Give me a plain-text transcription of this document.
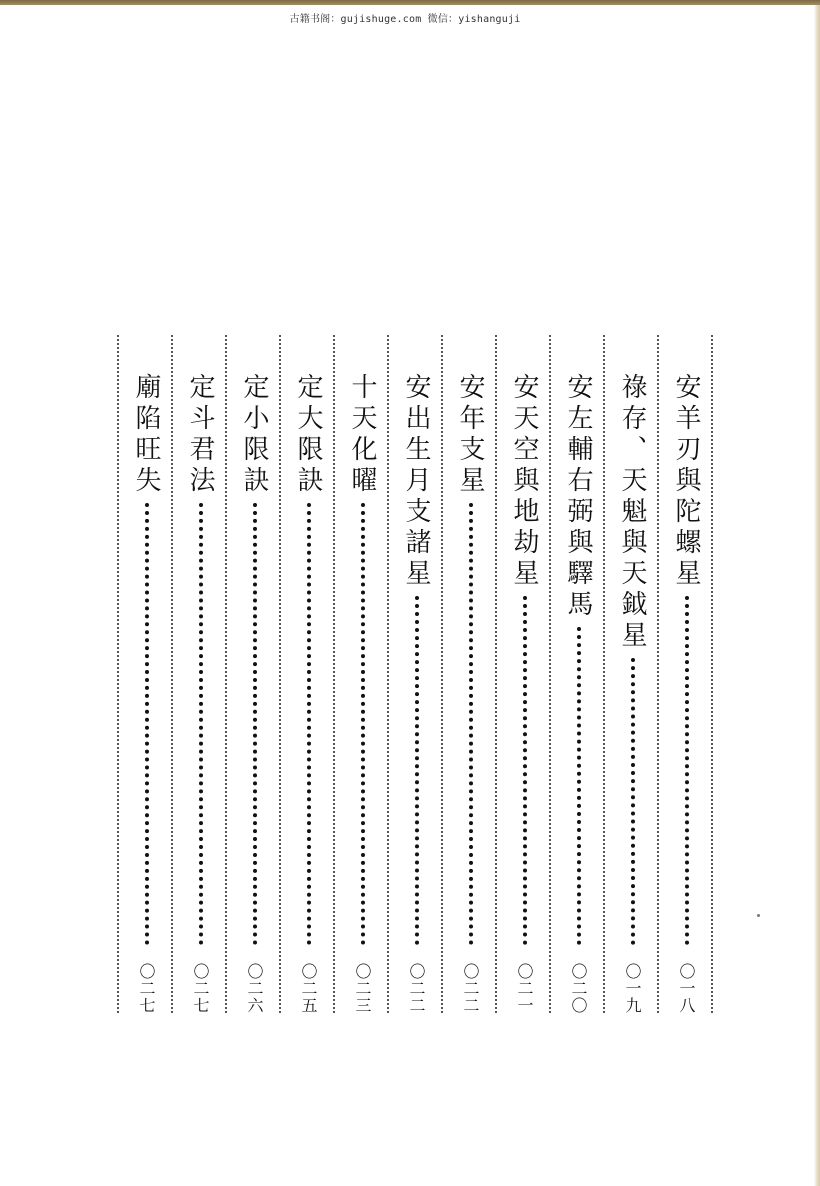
古籍书阁：gujishuge.com 微信：yishanguji
安羊刃與陀螺星
〇一八
祿存、天魁與天鉞星
〇一九
安左輔右弼與驛馬
〇二〇
安天空與地劫星
〇二一
安年支星
〇二二
安出生月支諸星
〇二二
十天化曜
〇二三
定大限訣
〇二五
定小限訣
〇二六
定斗君法
〇二七
廟陷旺失
〇二七
